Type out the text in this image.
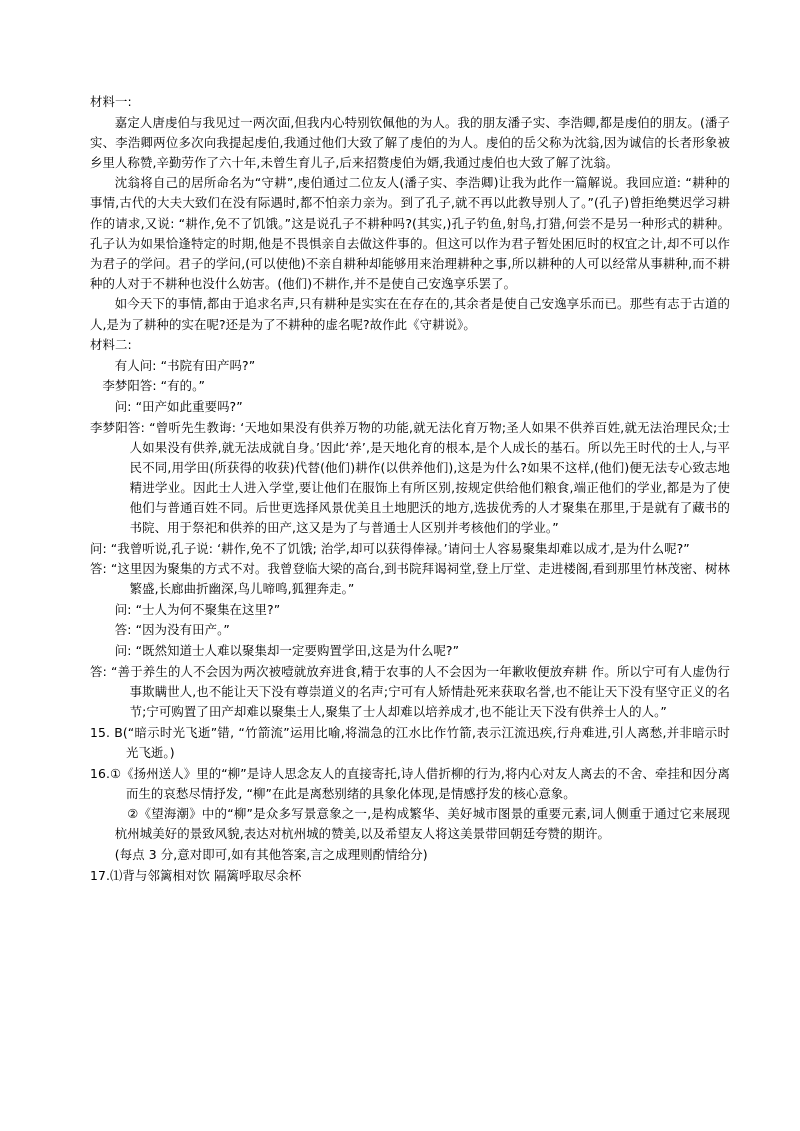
材料一:

嘉定人唐虔伯与我见过一两次面,但我内心特别钦佩他的为人。我的朋友潘子实、李浩卿,都是虔伯的朋友。(潘子实、李浩卿两位多次向我提起虔伯,我通过他们大致了解了虔伯的为人。虔伯的岳父称为沈翁,因为诚信的长者形象被乡里人称赞,辛勤劳作了六十年,未曾生育儿子,后来招赘虔伯为婿,我通过虔伯也大致了解了沈翁。

沈翁将自己的居所命名为“守耕”,虔伯通过二位友人(潘子实、李浩卿)让我为此作一篇解说。我回应道: “耕种的事情,古代的大夫大致们在没有际遇时,都不怕亲力亲为。到了孔子,就不再以此教导别人了。”(孔子)曾拒绝樊迟学习耕作的请求,又说: “耕作,免不了饥饿。”这是说孔子不耕种吗?(其实,)孔子钓鱼,射鸟,打猎,何尝不是另一种形式的耕种。孔子认为如果恰逢特定的时期,他是不畏惧亲自去做这件事的。但这可以作为君子暂处困厄时的权宜之计,却不可以作为君子的学问。君子的学问,(可以使他)不亲自耕种却能够用来治理耕种之事,所以耕种的人可以经常从事耕种,而不耕种的人对于不耕种也没什么妨害。(他们)不耕作,并不是使自己安逸享乐罢了。

如今天下的事情,都由于追求名声,只有耕种是实实在在存在的,其余者是使自己安逸享乐而已。那些有志于古道的人,是为了耕种的实在呢?还是为了不耕种的虚名呢?故作此《守耕说》。

材料二:

有人问: “书院有田产吗?”

李梦阳答: “有的。”

问: “田产如此重要吗?”

李梦阳答: “曾听先生教诲: ‘天地如果没有供养万物的功能,就无法化育万物;圣人如果不供养百姓,就无法治理民众;士人如果没有供养,就无法成就自身。’因此‘养’,是天地化育的根本,是个人成长的基石。所以先王时代的士人,与平民不同,用学田(所获得的收获)代替(他们)耕作(以供养他们),这是为什么?如果不这样,(他们)便无法专心致志地精进学业。因此士人进入学堂,要让他们在服饰上有所区别,按规定供给他们粮食,端正他们的学业,都是为了使他们与普通百姓不同。后世更选择风景优美且土地肥沃的地方,选拔优秀的人才聚集在那里,于是就有了藏书的书院、用于祭祀和供养的田产,这又是为了与普通士人区别并考核他们的学业。”

问: “我曾听说,孔子说: ‘耕作,免不了饥饿; 治学,却可以获得俸禄。’请问士人容易聚集却难以成才,是为什么呢?”

答: “这里因为聚集的方式不对。我曾登临大梁的高台,到书院拜谒祠堂,登上厅堂、走进楼阁,看到那里竹林茂密、树林繁盛,长廊曲折幽深,鸟儿啼鸣,狐狸奔走。”

问: “士人为何不聚集在这里?”

答: “因为没有田产。”

问: “既然知道士人难以聚集却一定要购置学田,这是为什么呢?”

答: “善于养生的人不会因为两次被噎就放弃进食,精于农事的人不会因为一年歉收便放弃耕 作。所以宁可有人虚伪行事欺瞒世人,也不能让天下没有尊崇道义的名声;宁可有人矫情赴死来获取名誉,也不能让天下没有坚守正义的名节;宁可购置了田产却难以聚集士人,聚集了士人却难以培养成才,也不能让天下没有供养士人的人。”

15. B(“暗示时光飞逝”错, “竹箭流”运用比喻,将湍急的江水比作竹箭,表示江流迅疾,行舟难进,引人离愁,并非暗示时光飞逝。)

16.①《扬州送人》里的“柳”是诗人思念友人的直接寄托,诗人借折柳的行为,将内心对友人离去的不舍、牵挂和因分离而生的哀愁尽情抒发, “柳”在此是离愁别绪的具象化体现,是情感抒发的核心意象。

②《望海潮》中的“柳”是众多写景意象之一,是构成繁华、美好城市图景的重要元素,词人侧重于通过它来展现杭州城美好的景致风貌,表达对杭州城的赞美,以及希望友人将这美景带回朝廷夸赞的期许。

(每点 3 分,意对即可,如有其他答案,言之成理则酌情给分)

17.⑴背与邻篱相对饮 隔篱呼取尽余杯
